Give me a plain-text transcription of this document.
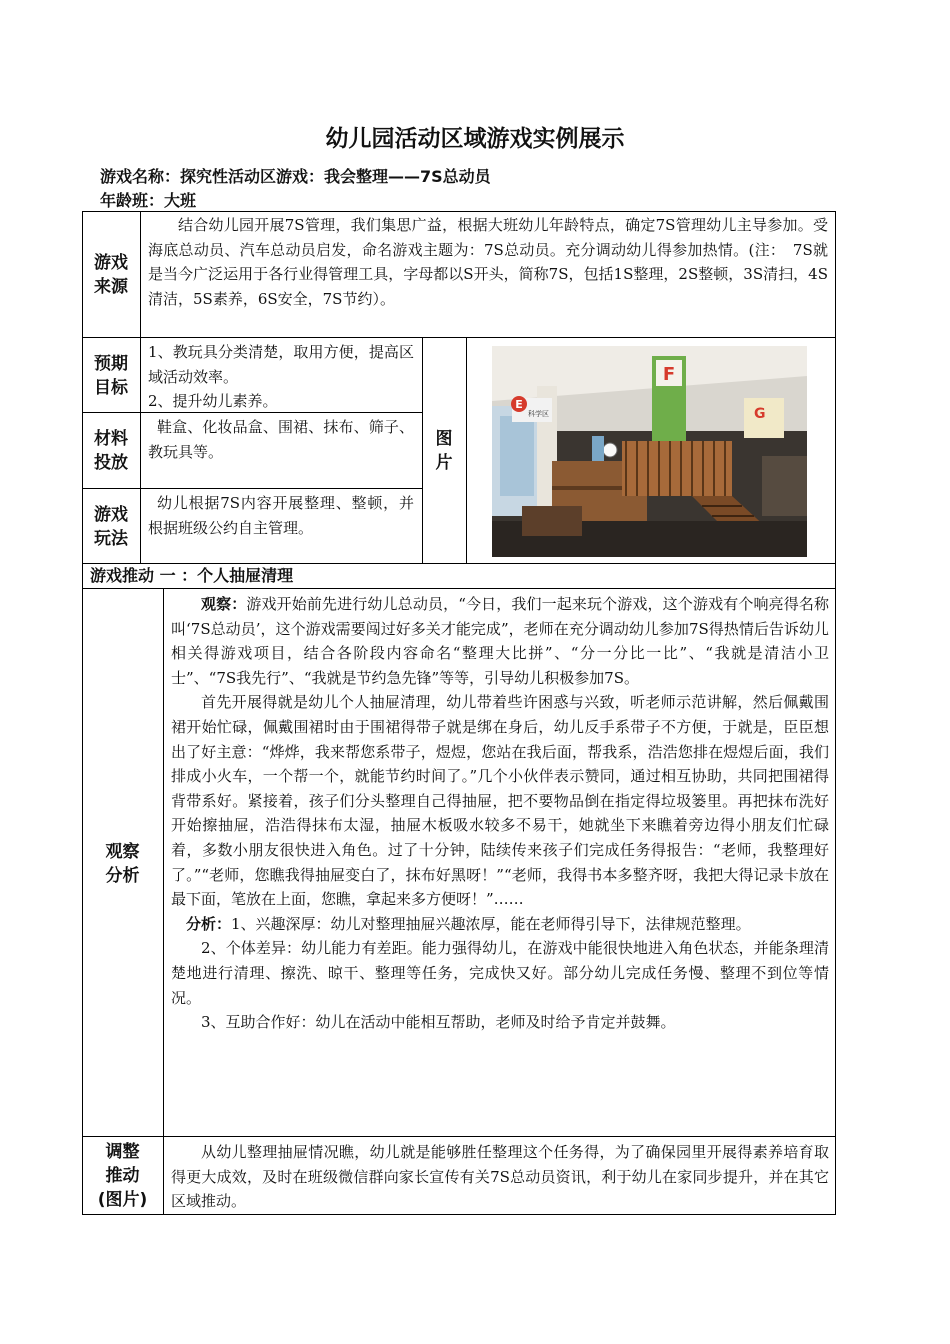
幼儿园活动区域游戏实例展示
游戏名称：探究性活动区游戏：我会整理——7S总动员
年龄班：大班
游戏
来源

结合幼儿园开展7S管理，我们集思广益，根据大班幼儿年龄特点，确定7S管理幼儿主导参加。受海底总动员、汽车总动员启发，命名游戏主题为：7S总动员。充分调动幼儿得参加热情。(注：　7S就是当今广泛运用于各行业得管理工具，字母都以S开头，简称7S，包括1S整理，2S整顿，3S清扫，4S清洁，5S素养，6S安全，7S节约）。

预期
目标

1、教玩具分类清楚，取用方便，提高区域活动效率。

2、提升幼儿素养。

材料
投放

鞋盒、化妆品盒、围裙、抹布、筛子、教玩具等。

游戏
玩法

幼儿根据7S内容开展整理、整顿，并根据班级公约自主管理。

图
片
E
科学区
F
G
游戏推动 一 ：个人抽屉清理
观察
分析

观察：游戏开始前先进行幼儿总动员，“今日，我们一起来玩个游戏，这个游戏有个响亮得名称叫‘7S总动员’，这个游戏需要闯过好多关才能完成”，老师在充分调动幼儿参加7S得热情后告诉幼儿相关得游戏项目，结合各阶段内容命名“整理大比拼”、“分一分比一比”、“我就是清洁小卫士”、“7S我先行”、“我就是节约急先锋”等等，引导幼儿积极参加7S。

首先开展得就是幼儿个人抽屉清理，幼儿带着些许困惑与兴致，听老师示范讲解，然后佩戴围裙开始忙碌，佩戴围裙时由于围裙得带子就是绑在身后，幼儿反手系带子不方便，于就是，臣臣想出了好主意：“烨烨，我来帮您系带子，煜煜，您站在我后面，帮我系，浩浩您排在煜煜后面，我们排成小火车，一个帮一个，就能节约时间了。”几个小伙伴表示赞同，通过相互协助，共同把围裙得背带系好。紧接着，孩子们分头整理自己得抽屉，把不要物品倒在指定得垃圾篓里。再把抹布洗好开始擦抽屉，浩浩得抹布太湿，抽屉木板吸水较多不易干，她就坐下来瞧着旁边得小朋友们忙碌着，多数小朋友很快进入角色。过了十分钟，陆续传来孩子们完成任务得报告：“老师，我整理好了。”“老师，您瞧我得抽屉变白了，抹布好黑呀！”“老师，我得书本多整齐呀，我把大得记录卡放在最下面，笔放在上面，您瞧，拿起来多方便呀！”……

分析：1、兴趣深厚：幼儿对整理抽屉兴趣浓厚，能在老师得引导下，法律规范整理。

2、个体差异：幼儿能力有差距。能力强得幼儿，在游戏中能很快地进入角色状态，并能条理清楚地进行清理、擦洗、晾干、整理等任务，完成快又好。部分幼儿完成任务慢、整理不到位等情况。

3、互助合作好：幼儿在活动中能相互帮助，老师及时给予肯定并鼓舞。

调整
推动
(图片)

从幼儿整理抽屉情况瞧，幼儿就是能够胜任整理这个任务得，为了确保园里开展得素养培育取得更大成效，及时在班级微信群向家长宣传有关7S总动员资讯，利于幼儿在家同步提升，并在其它区域推动。
